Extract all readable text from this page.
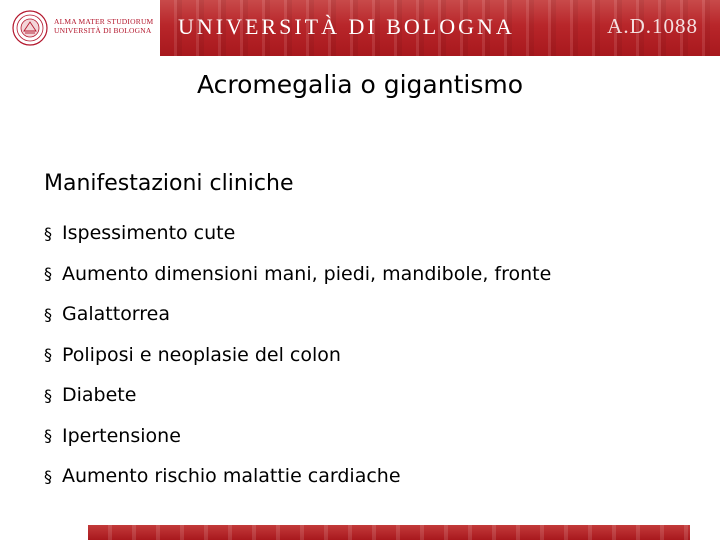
ALMA MATER STUDIORUM
UNIVERSITÀ DI BOLOGNA UNIVERSITÀ DI BOLOGNA	A.D.1088
Acromegalia o gigantismo
Manifestazioni cliniche
§ Ispessimento cute
§ Aumento dimensioni mani, piedi, mandibole, fronte
§ Galattorrea
§ Poliposi e neoplasie del colon
§ Diabete
§ Ipertensione
§ Aumento rischio malattie cardiache
